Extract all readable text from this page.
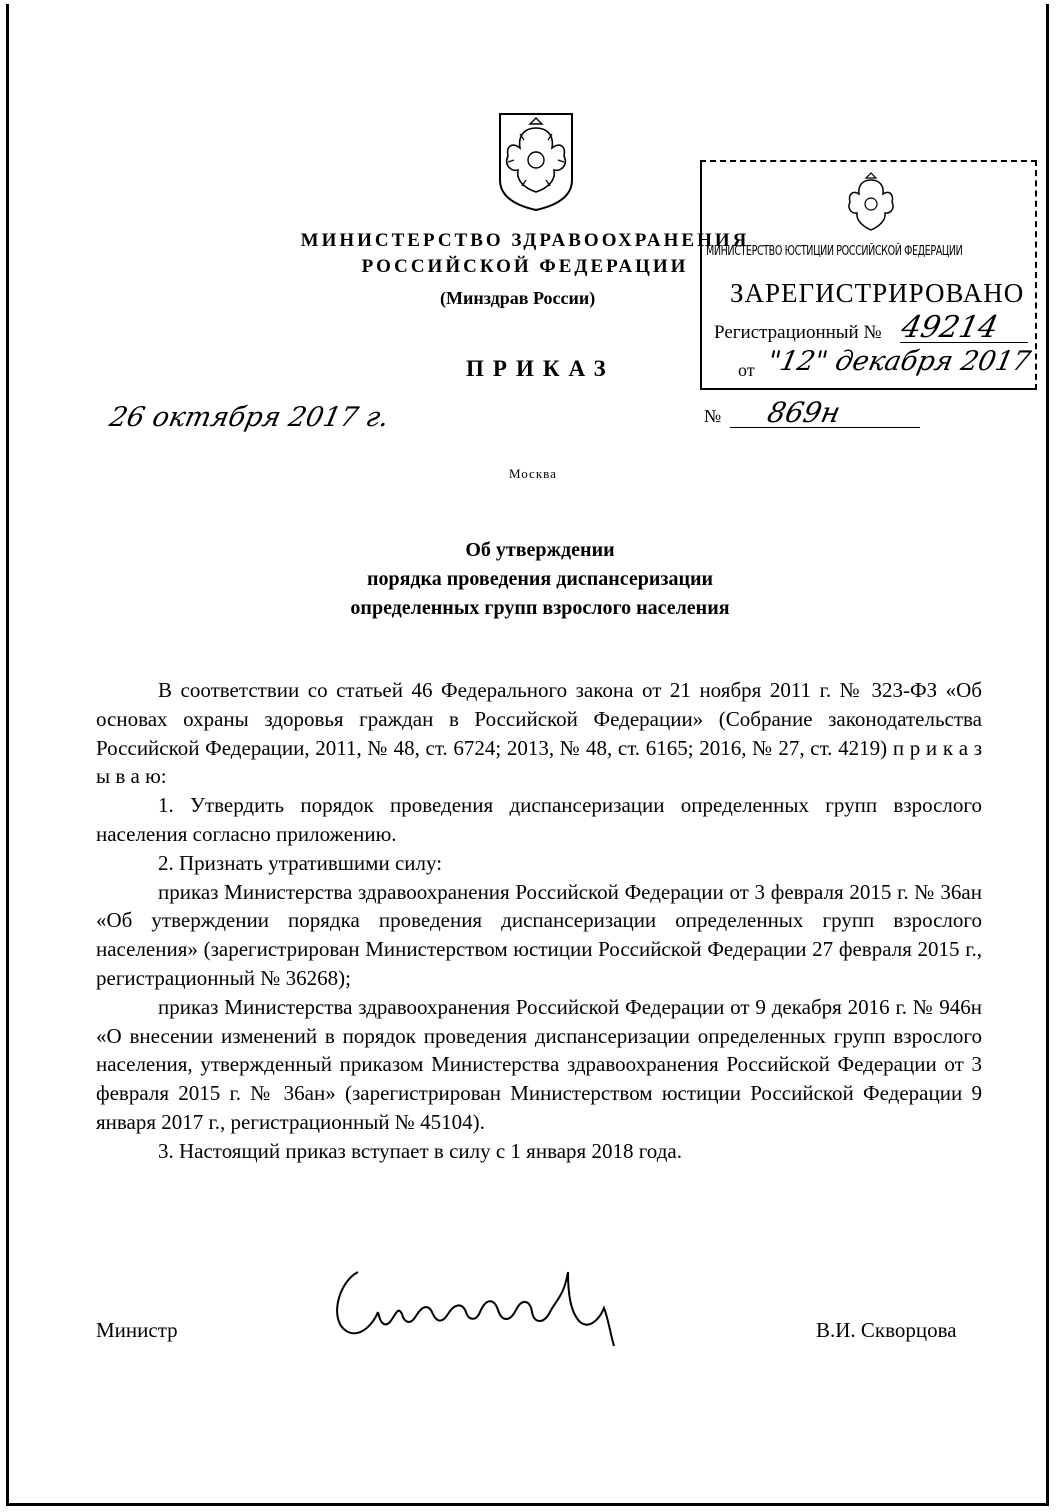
МИНИСТЕРСТВО ЗДРАВООХРАНЕНИЯ
РОССИЙСКОЙ ФЕДЕРАЦИИ
(Минздрав России)
МИНИСТЕРСТВО ЮСТИЦИИ РОССИЙСКОЙ ФЕДЕРАЦИИ
ЗАРЕГИСТРИРОВАНО
Регистрационный № 49214
от "12" декабря 2017
ПРИКАЗ
26 октября 2017 г.	№ 869н
Москва
Об утверждении
порядка проведения диспансеризации
определенных групп взрослого населения

В соответствии со статьей 46 Федерального закона от 21 ноября 2011 г. № 323-ФЗ «Об основах охраны здоровья граждан в Российской Федерации» (Собрание законодательства Российской Федерации, 2011, № 48, ст. 6724; 2013, № 48, ст. 6165; 2016, № 27, ст. 4219) п р и к а з ы в а ю:

1. Утвердить порядок проведения диспансеризации определенных групп взрослого населения согласно приложению.

2. Признать утратившими силу:

приказ Министерства здравоохранения Российской Федерации от 3 февраля 2015 г. № 36ан «Об утверждении порядка проведения диспансеризации определенных групп взрослого населения» (зарегистрирован Министерством юстиции Российской Федерации 27 февраля 2015 г., регистрационный № 36268);

приказ Министерства здравоохранения Российской Федерации от 9 декабря 2016 г. № 946н «О внесении изменений в порядок проведения диспансеризации определенных групп взрослого населения, утвержденный приказом Министерства здравоохранения Российской Федерации от 3 февраля 2015 г. № 36ан» (зарегистрирован Министерством юстиции Российской Федерации 9 января 2017 г., регистрационный № 45104).

3. Настоящий приказ вступает в силу с 1 января 2018 года.

Министр
Скворцова
В.И. Скворцова
